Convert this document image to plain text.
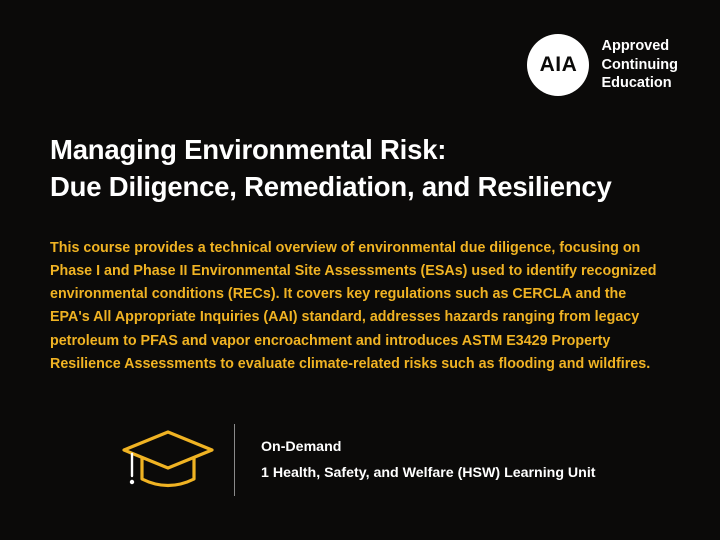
AIA
Approved
Continuing
Education
Managing Environmental Risk:
Due Diligence, Remediation, and Resiliency
This course provides a technical overview of environmental due diligence, focusing on Phase I and Phase II Environmental Site Assessments (ESAs) used to identify recognized environmental conditions (RECs). It covers key regulations such as CERCLA and the EPA's All Appropriate Inquiries (AAI) standard, addresses hazards ranging from legacy petroleum to PFAS and vapor encroachment and introduces ASTM E3429 Property Resilience Assessments to evaluate climate-related risks such as flooding and wildfires.
On-Demand
1 Health, Safety, and Welfare (HSW) Learning Unit
